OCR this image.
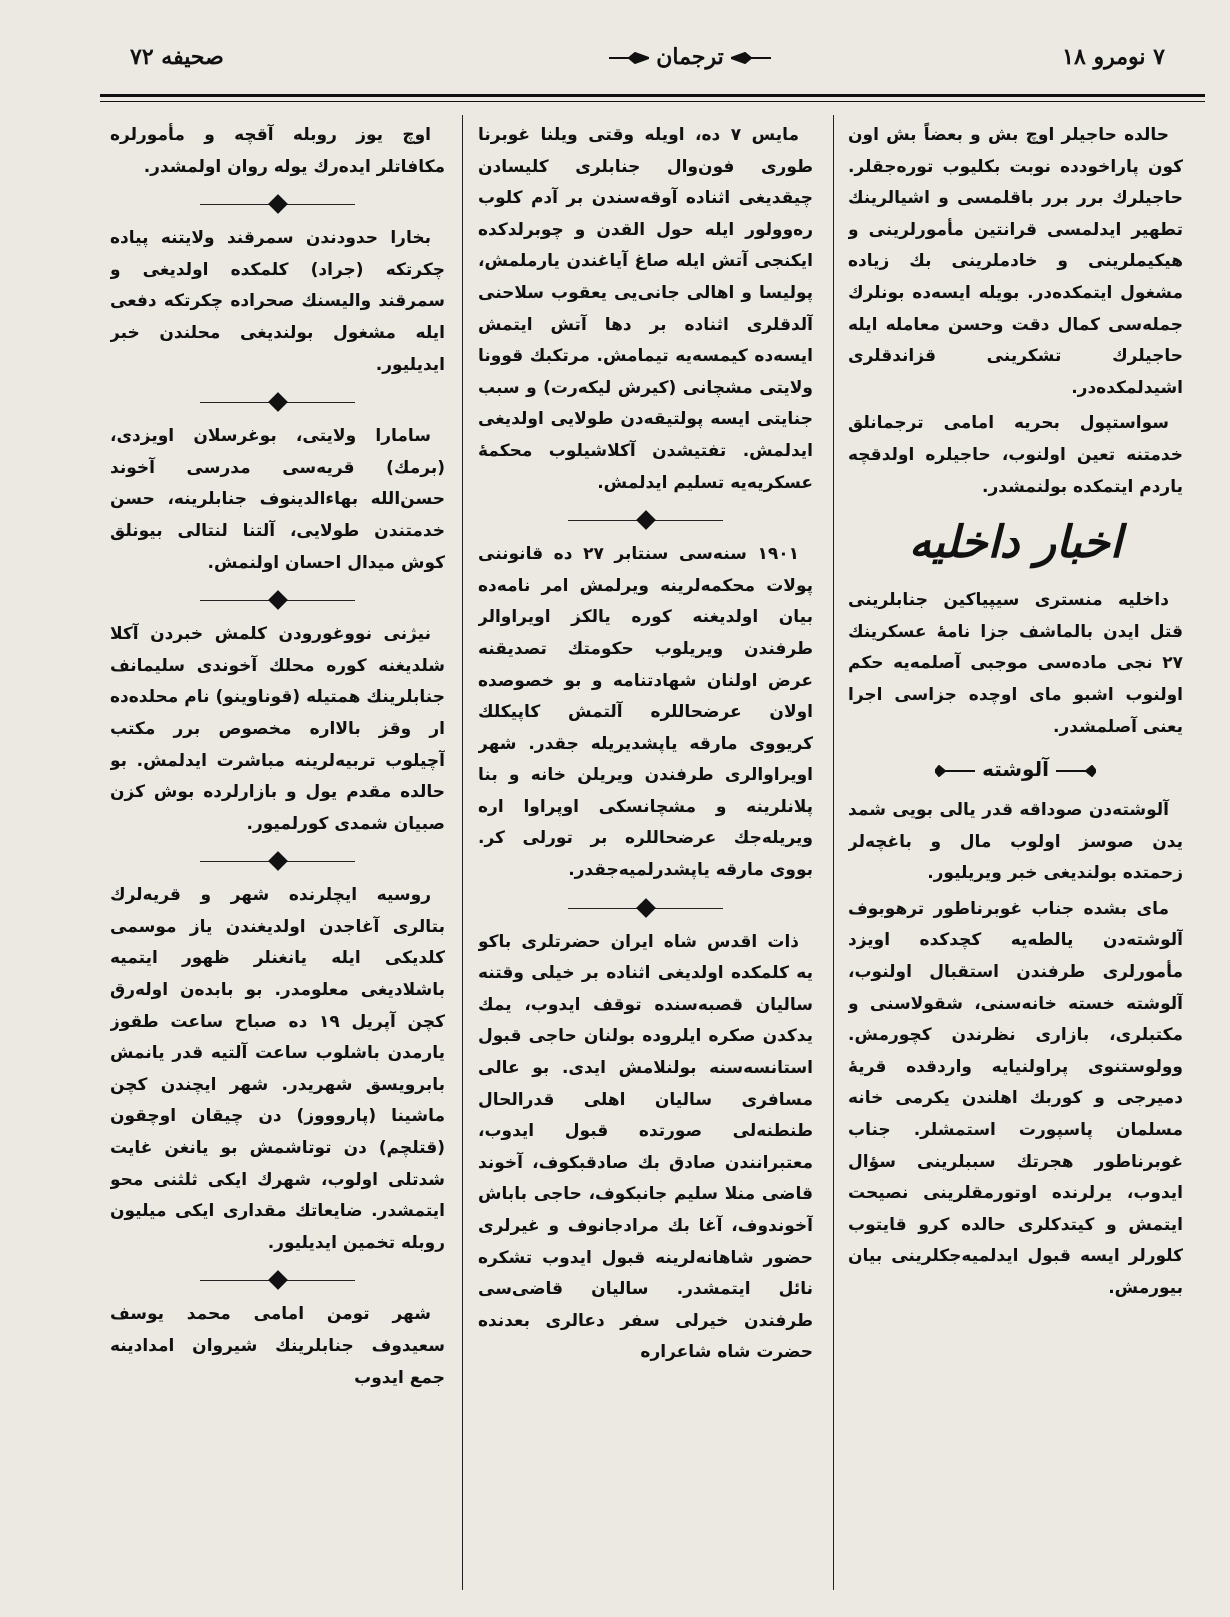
صحیفه ۷۲	ترجمان	۷ نومرو ۱۸

حالده حاجیلر اوچ بش و بعضاً بش اون کون پاراخودده نوبت بکلیوب توره‌جقلر. حاجیلرك برر برر باقلمسی و اشیالرینك تطهیر ایدلمسی قرانتین مأمورلرینی و هیکیملرینی و خادملرینی بك زیاده مشغول ایتمکده‌در. بویله ایسه‌ده بونلرك جمله‌سی کمال دقت وحسن معامله ایله حاجیلرك تشکرینی قزاندقلری اشیدلمکده‌در.

سواستپول بحریه امامی ترجمانلق خدمتنه تعین اولنوب، حاجیلره اولدقچه یاردم ایتمکده بولنمشدر.

اخبار داخلیه

داخلیه منستری سیپیاکین جنابلرینی قتل ایدن بالماشف جزا نامهٔ عسکرینك ۲۷ نجی ماده‌سی موجبی آصلمه‌یه حکم اولنوب اشبو مای اوچده جزاسی اجرا یعنی آصلمشدر.

آلوشته

آلوشته‌دن صوداقه قدر یالی بویی شمد یدن صوسز اولوب مال و باغچه‌لر زحمتده بولندیغی خبر ویریلیور.

مای بشده جناب غوبرناطور ترهوبوف آلوشته‌دن یالطه‌یه کچدکده اویزد مأمورلری طرفندن استقبال اولنوب، آلوشته خسته خانه‌سنی، شقولاسنی و مکتبلری، بازاری نظرندن کچورمش. وولوستنوی پراولنیایه واردقده قریهٔ دمیرجی و کوربك اهلندن یکرمی خانه مسلمان پاسپورت استمشلر. جناب غوبرناطور هجرتك سببلرینی سؤال ایدوب، یرلرنده اوتورمقلرینی نصیحت ایتمش و کیتدکلری حالده کرو قایتوب کلورلر ایسه قبول ایدلمیه‌جکلرینی بیان بیورمش.

مایس ۷ ده، اویله وقتی ویلنا غوبرنا طوری فون‌وال جنابلری کلیسادن چیقدیغی اثناده آوقه‌سندن بر آدم کلوب ره‌وولور ایله حول القدن و چوبرلدکده ایکنجی آتش ایله صاغ آیاغندن یارملمش، پولیسا و اهالی جانی‌یی یعقوب سلاحنی آلدقلری اثناده بر دها آتش ایتمش ایسه‌ده کیمسه‌یه تیمامش. مرتکبك قوونا ولایتی مشچانی (کیرش لیکه‌رت) و سبب جنایتی ایسه پولتیقه‌دن طولایی اولدیغی ایدلمش. تفتیشدن آکلاشیلوب محکمهٔ عسکریه‌یه تسلیم ایدلمش.

۱۹۰۱ سنه‌سی سنتابر ۲۷ ده قانوننی پولات محکمه‌لرینه ویرلمش امر نامه‌ده بیان اولدیغنه کوره یالکز اویراوالر طرفندن ویریلوب حکومتك تصدیقنه عرض اولنان شهادتنامه و بو خصوصده اولان عرضحاللره آلتمش کاپیکلك کریووی مارقه یاپشدیریله جقدر. شهر اویراوالری طرفندن ویریلن خانه و بنا پلانلرینه و مشچانسکی اوپراوا اره ویریله‌جك عرضحاللره بر تورلی کر. بووی مارقه یاپشدرلمیه‌جقدر.

ذات اقدس شاه ایران حضرتلری باکو یه کلمکده اولدیغی اثناده بر خیلی وقتنه سالیان قصبه‌سنده توقف ایدوب، یمك یدکدن صکره ایلروده بولنان حاجی قبول استانسه‌سنه بولنلامش ایدی. بو عالی مسافری سالیان اهلی قدرالحال طنطنه‌لی صورتده قبول ایدوب، معتبرانندن صادق بك صادقبکوف، آخوند قاضی منلا سلیم جانبکوف، حاجی باباش آخوندوف، آغا بك مرادجانوف و غیرلری حضور شاهانه‌لرینه قبول ایدوب تشکره نائل ایتمشدر. سالیان قاضی‌سی طرفندن خیرلی سفر دعالری بعدنده حضرت شاه شاعراره

اوچ یوز روبله آقچه و مأمورلره مکافاتلر ایده‌رك یوله روان اولمشدر.

بخارا حدودندن سمرقند ولایتنه پیاده چکرتکه (جراد) کلمکده اولدیغی و سمرقند والیسنك صحراده چکرتکه دفعی ایله مشغول بولندیغی محلندن خبر ایدیلیور.

سامارا ولایتی، بوغرسلان اویزدی، (برمك) قریه‌سی مدرسی آخوند حسن‌الله بهاءالدینوف جنابلرینه، حسن خدمتندن طولایی، آلتنا لنتالی بیونلق کوش میدال احسان اولنمش.

نیژنی نووغورودن کلمش خبردن آکلا شلدیغنه کوره محلك آخوندی سلیمانف جنابلرینك همتیله (قوناوینو) نام محلده‌ده ار وقز بالااره مخصوص برر مکتب آچیلوب تربیه‌لرینه مباشرت ایدلمش. بو حالده مقدم یول و بازارلرده بوش کزن صبیان شمدی کورلمیور.

روسیه ایچلرنده شهر و قریه‌لرك بتالری آغاجدن اولدیغندن یاز موسمی کلدیکی ایله یانغنلر ظهور ایتمیه باشلادیغی معلومدر. بو بابده‌ن اوله‌رق کچن آپریل ۱۹ ده صباح ساعت طقوز یارمدن باشلوب ساعت آلتیه قدر یانمش بابرویسق شهریدر. شهر ایچندن کچن ماشینا (پاروووز) دن چیقان اوچقون (قتلچم) دن توتاشمش بو یانغن غایت شدتلی اولوب، شهرك ایکی ثلثنی محو ایتمشدر. ضایعاتك مقداری ایکی میلیون روبله تخمین ایدیلیور.

شهر تومن امامی محمد یوسف سعیدوف جنابلرینك شیروان امدادینه جمع ایدوب
